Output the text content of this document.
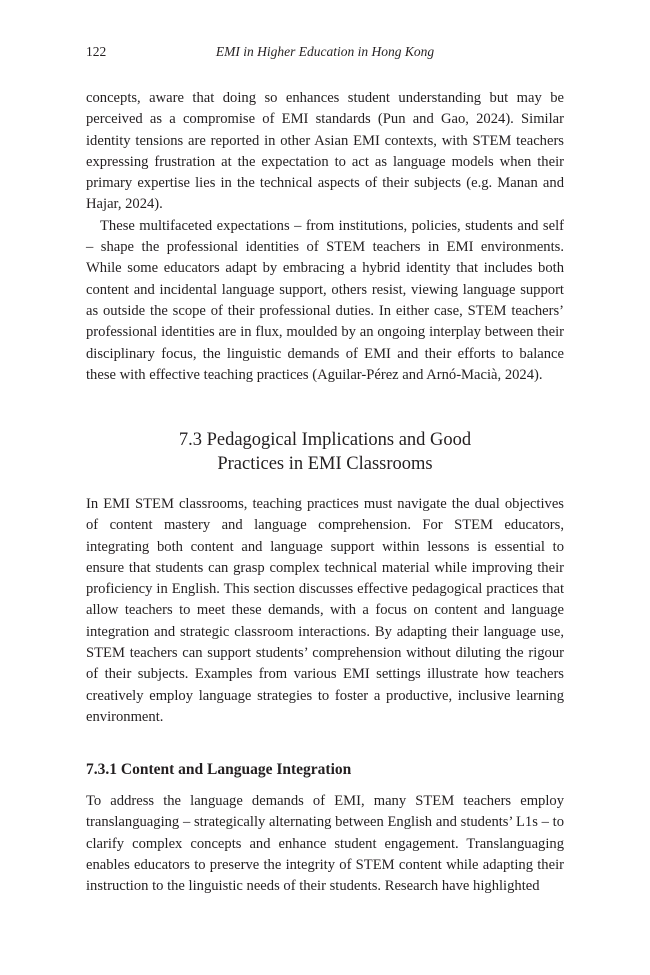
122	EMI in Higher Education in Hong Kong

concepts, aware that doing so enhances student understanding but may be perceived as a compromise of EMI standards (Pun and Gao, 2024). Similar identity tensions are reported in other Asian EMI contexts, with STEM teachers expressing frustration at the expectation to act as language models when their primary expertise lies in the technical aspects of their subjects (e.g. Manan and Hajar, 2024).

These multifaceted expectations – from institutions, policies, students and self – shape the professional identities of STEM teachers in EMI environments. While some educators adapt by embracing a hybrid identity that includes both content and incidental language support, others resist, viewing language support as outside the scope of their professional duties. In either case, STEM teachers’ professional identities are in flux, moulded by an ongoing interplay between their disciplinary focus, the linguistic demands of EMI and their efforts to balance these with effective teaching practices (Aguilar-Pérez and Arnó-Macià, 2024).

7.3 Pedagogical Implications and Good
Practices in EMI Classrooms

In EMI STEM classrooms, teaching practices must navigate the dual objectives of content mastery and language comprehension. For STEM educators, integrating both content and language support within lessons is essential to ensure that students can grasp complex technical material while improving their proficiency in English. This section discusses effective pedagogical practices that allow teachers to meet these demands, with a focus on content and language integration and strategic classroom interactions. By adapting their language use, STEM teachers can support students’ comprehension without diluting the rigour of their subjects. Examples from various EMI settings illustrate how teachers creatively employ language strategies to foster a productive, inclusive learning environment.

7.3.1 Content and Language Integration

To address the language demands of EMI, many STEM teachers employ translanguaging – strategically alternating between English and students’ L1s – to clarify complex concepts and enhance student engagement. Translanguaging enables educators to preserve the integrity of STEM content while adapting their instruction to the linguistic needs of their students. Research have highlighted
